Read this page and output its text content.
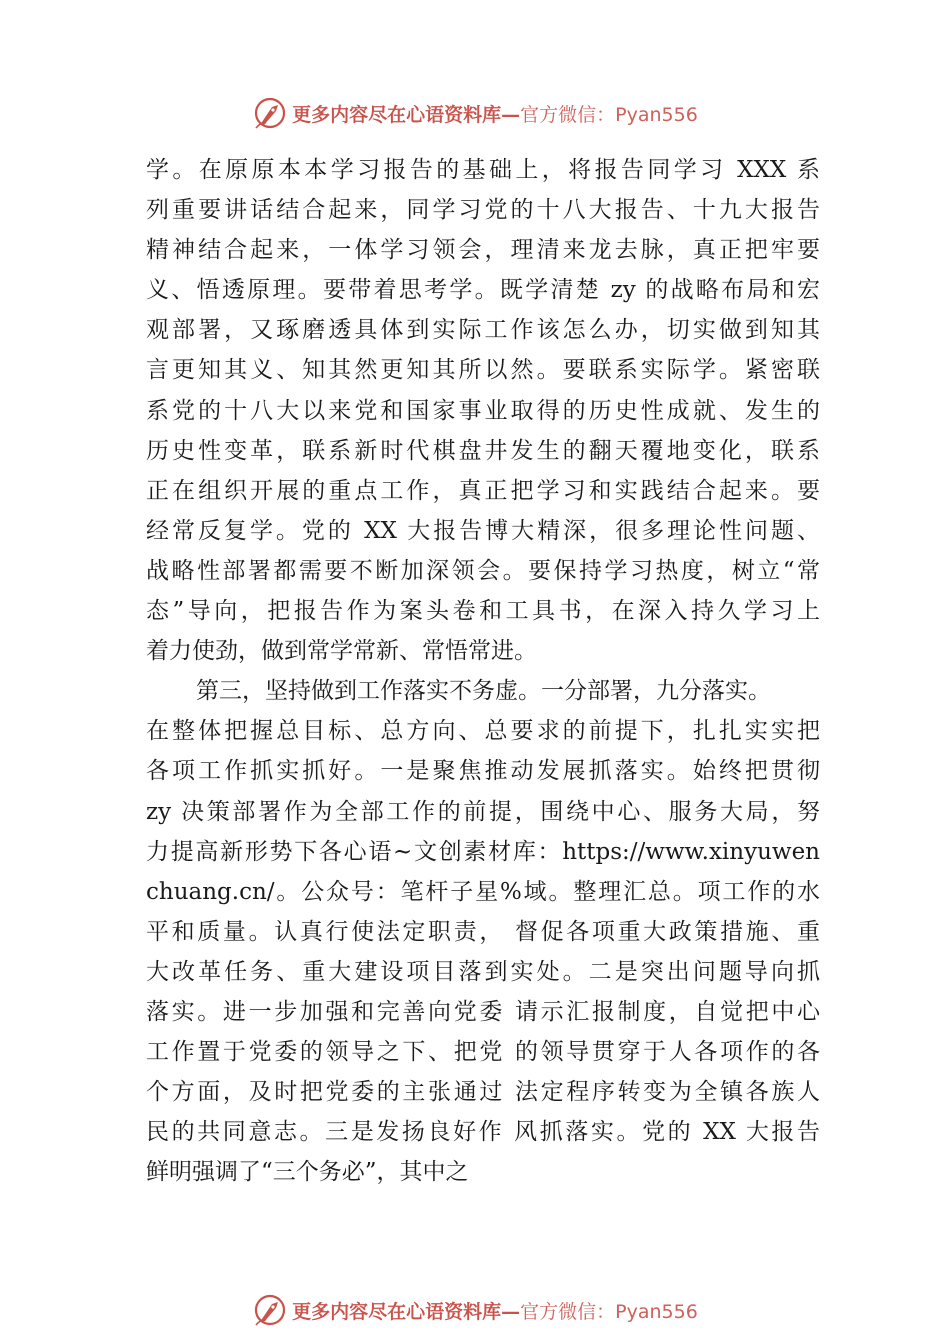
更多内容尽在心语资料库— 官方微信：Pyan556
学。在原原本本学习报告的基础上，将报告同学习 XXX 系
列重要讲话结合起来，同学习党的十八大报告、十九大报告
精神结合起来，一体学习领会，理清来龙去脉，真正把牢要
义、悟透原理。要带着思考学。既学清楚 zy 的战略布局和宏
观部署，又琢磨透具体到实际工作该怎么办，切实做到知其
言更知其义、知其然更知其所以然。要联系实际学。紧密联
系党的十八大以来党和国家事业取得的历史性成就、发生的
历史性变革，联系新时代棋盘井发生的翻天覆地变化，联系
正在组织开展的重点工作，真正把学习和实践结合起来。要
经常反复学。党的 XX 大报告博大精深，很多理论性问题、
战略性部署都需要不断加深领会。要保持学习热度，树立“常
态”导向，把报告作为案头卷和工具书，在深入持久学习上
着力使劲，做到常学常新、常悟常进。
第三，坚持做到工作落实不务虚。一分部署，九分落实。
在整体把握总目标、总方向、总要求的前提下，扎扎实实把
各项工作抓实抓好。一是聚焦推动发展抓落实。始终把贯彻
zy 决策部署作为全部工作的前提，围绕中心、服务大局，努
力提高新形势下各心语~文创素材库：https://www.xinyuwen
chuang.cn/。公众号：笔杆子星%域。整理汇总。项工作的水
平和质量。认真行使法定职责， 督促各项重大政策措施、重
大改革任务、重大建设项目落到实处。二是突出问题导向抓
落实。进一步加强和完善向党委 请示汇报制度，自觉把中心
工作置于党委的领导之下、把党 的领导贯穿于人各项作的各
个方面，及时把党委的主张通过 法定程序转变为全镇各族人
民的共同意志。三是发扬良好作 风抓落实。党的 XX 大报告
鲜明强调了“三个务必”，其中之
更多内容尽在心语资料库— 官方微信：Pyan556
